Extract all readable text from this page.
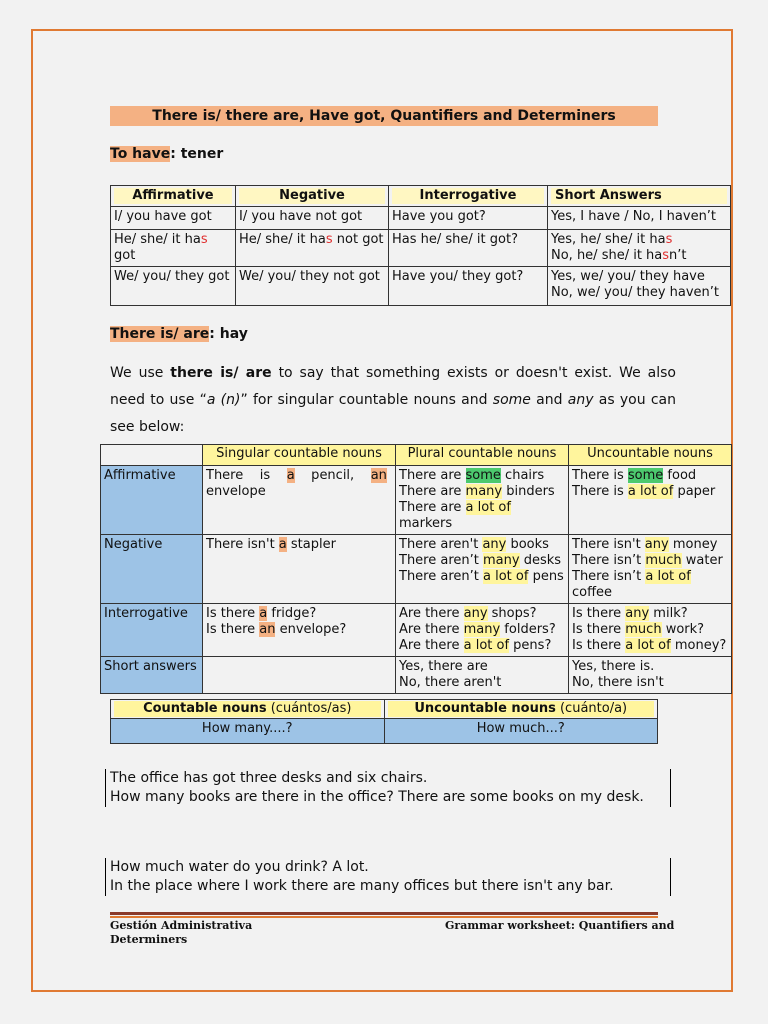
There is/ there are, Have got, Quantifiers and Determiners
To have: tener
Affirmative	Negative	Interrogative	Short Answers

I/ you have got	I/ you have not got	Have you got?	Yes, I have / No, I haven’t
He/ she/ it has got	He/ she/ it has not got	Has he/ she/ it got?	Yes, he/ she/ it has
No, he/ she/ it hasn’t
We/ you/ they got	We/ you/ they not got	Have you/ they got?	Yes, we/ you/ they have
No, we/ you/ they haven’t
There is/ are: hay
We use there is/ are to say that something exists or doesn't exist. We also need to use “a (n)” for singular countable nouns and some and any as you can see below:
	Singular countable nouns	Plural countable nouns	Uncountable nouns
Affirmative	There    is    a    pencil,    an
envelope	There are some chairs
There are many binders
There are a lot of markers	There is some food
There is a lot of paper
Negative	There isn't a stapler	There aren't any books
There aren’t many desks
There aren’t a lot of pens	There isn't any money
There isn’t much water
There isn’t a lot of coffee
Interrogative	Is there a fridge?
Is there an envelope?	Are there any shops?
Are there many folders?
Are there a lot of pens?	Is there any milk?
Is there much work?
Is there a lot of money?
Short answers		Yes, there are
No, there aren't	Yes, there is.
No, there isn't
Countable nouns (cuántos/as)	Uncountable nouns (cuánto/a)

How many....?	How much...?
The office has got three desks and six chairs.
How many books are there in the office? There are some books on my desk.
How much water do you drink? A lot.
In the place where I work there are many offices but there isn't any bar.
Gestión Administrativa
Determiners
Grammar worksheet: Quantifiers and
